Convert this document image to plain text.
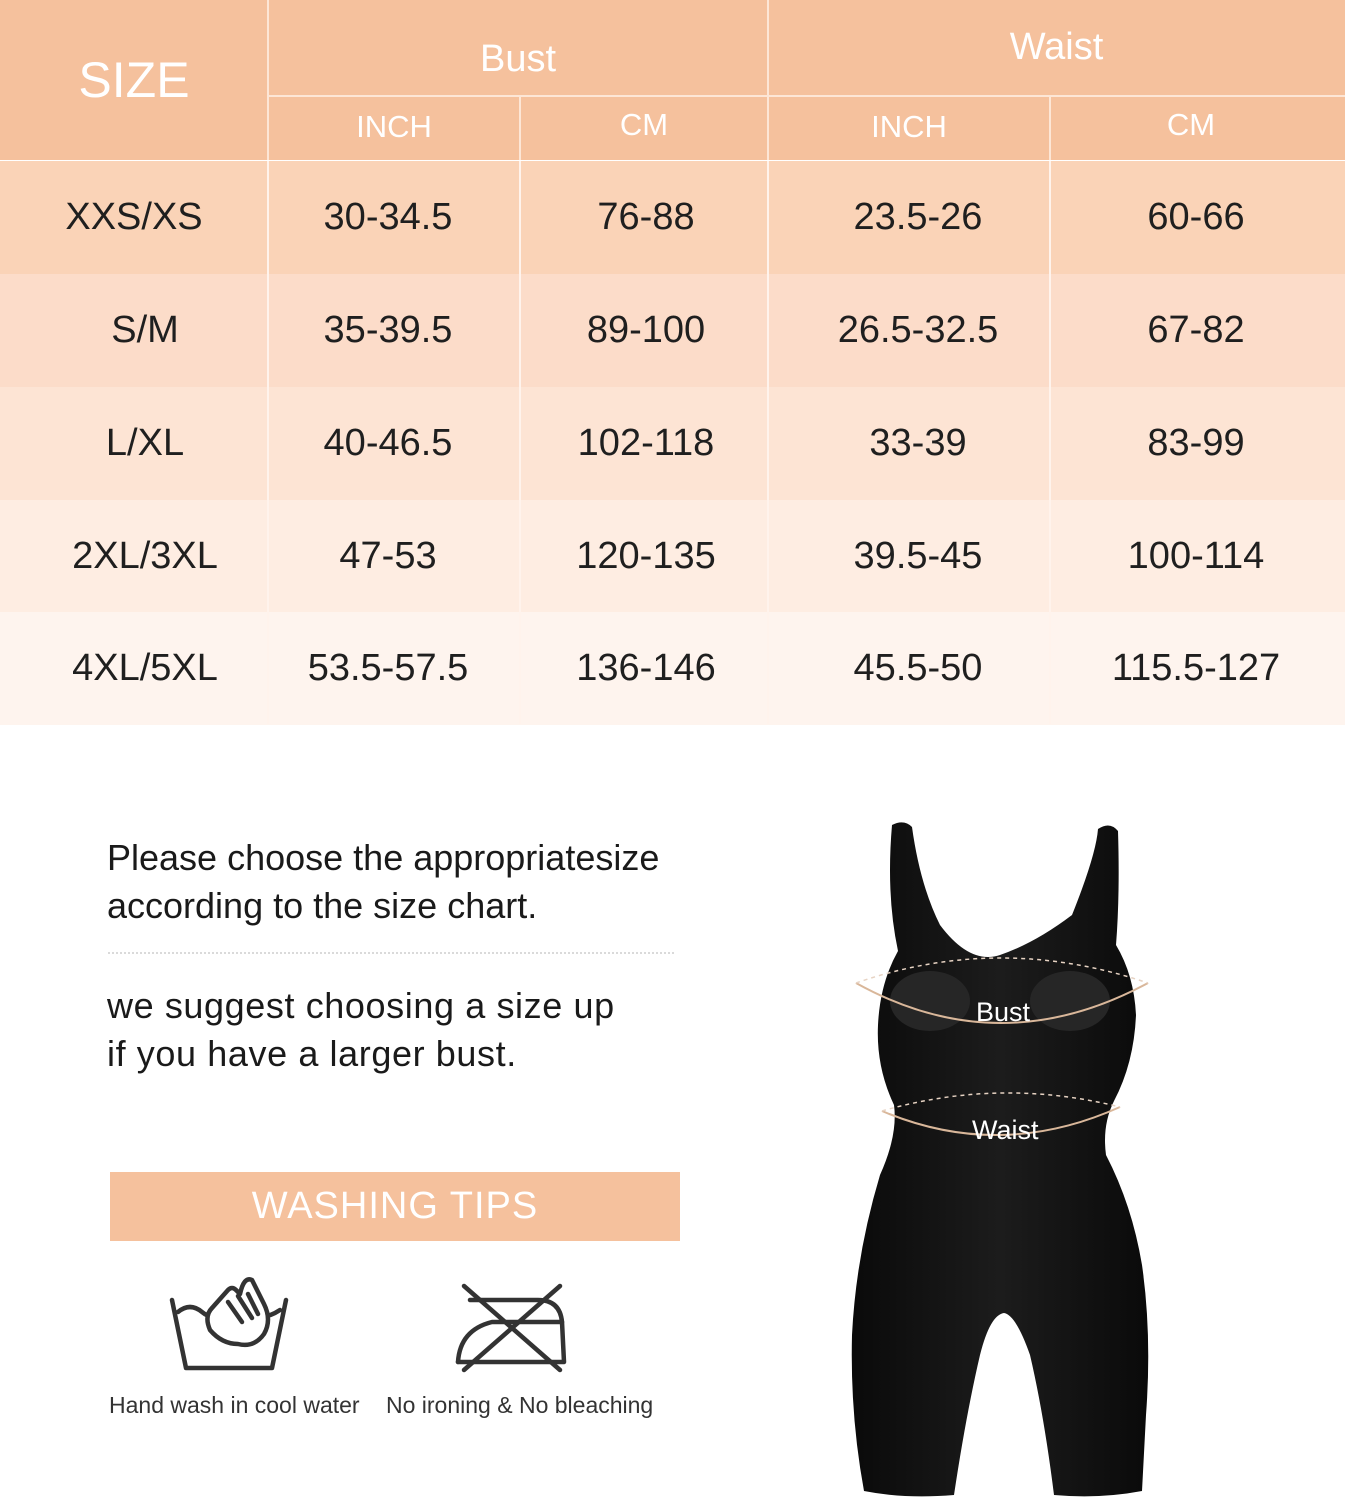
SIZE	Bust	Waist
INCH	CM	INCH	CM
XXS/XS	30-34.5	76-88	23.5-26	60-66
S/M	35-39.5	89-100	26.5-32.5	67-82
L/XL	40-46.5	102-118	33-39	83-99
2XL/3XL	47-53	120-135	39.5-45	100-114
4XL/5XL	53.5-57.5	136-146	45.5-50	115.5-127
Please choose the appropriatesize
according to the size chart.
we suggest choosing a size up
if you have a larger bust.
WASHING TIPS
Hand wash in cool water No ironing & No bleaching
Bust
Waist
